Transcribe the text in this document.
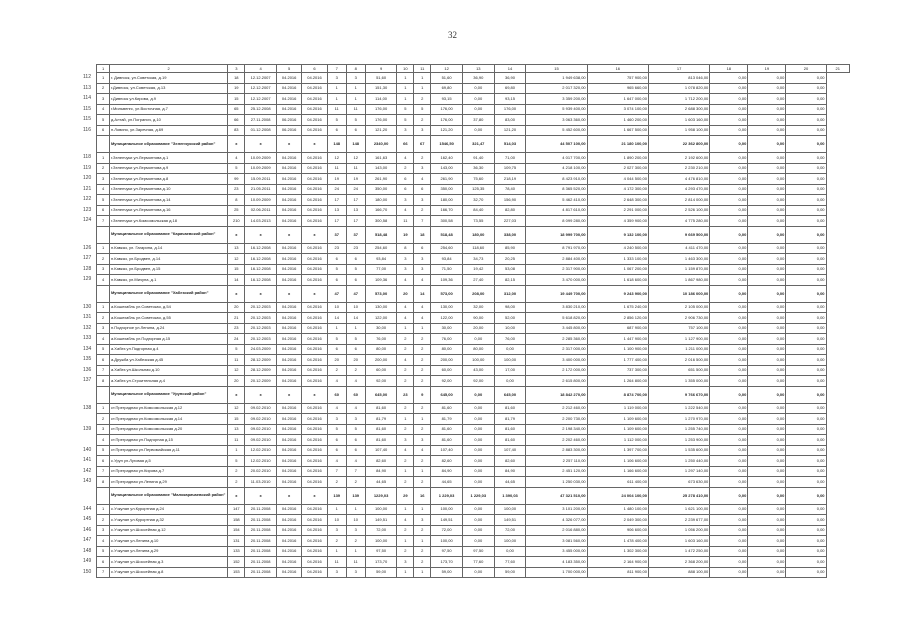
32
	1	2	3	4	5	6	7	8	9	10	11	12	13	14	15	16	17	18	19	20	21
112	1	г. Дивноск, ул.Советская, д.19	18	12.12.2007	04.2016	04.2016	3	3	51,60	1	1	51,60	36,90	36,90	1 949 638,00	757 900,00	813 046,00	0,00	0,00	0,00	
113	2	г.Дивноск, ул.Советская, д.13	19	12.12.2007	04.2016	04.2016	1	1	151,30	1	1	69,80	0,00	69,80	2 017 320,00	965 660,00	1 078 820,00	0,00	0,00	0,00	
114	3	г.Дивноск ул.Кирова, д.9	15	12.12.2007	04.2016	04.2016	1	1	114,00	1	2	93,15	0,00	93,15	3 359 200,00	1 647 000,00	1 712 200,00	0,00	0,00	0,00	
115	4	г.Мильвенгс, ул.Восточная, д.7	65	25.12.2008	04.2016	04.2016	11	11	176,00	5	5	176,00	0,00	176,00	5 939 400,00	3 074 100,00	2 688 300,00	0,00	0,00	0,00	
115	5	д.Алтай, ул.Погранич, д.10	66	27.11.2008	06.2016	04.2016	5	5	176,00	5	2	176,00	37,80	83,00	3 063 360,00	1 460 200,00	1 603 160,00	0,00	0,00	0,00	
116	6	п.Ловино, ул.Заречная, д.69	83	01.12.2008	06.2016	04.2016	6	6	121,20	3	3	121,20	0,00	121,20	5 452 600,00	1 667 500,00	1 958 100,00	0,00	0,00	0,00	
		Муниципальное образование "Зеленчукский район"	x	x	x	x	148	148	2340,00	66	67	1546,50	321,47	514,03	44 507 100,00	21 180 100,00	22 362 800,00	0,00	0,00	0,00	
118	1	г.Зеленчуки ул.Лермонтова д.1	4	10.09.2009	04.2016	04.2016	12	12	161,63	4	2	162,40	91,40	71,00	4 017 700,00	1 890 200,00	2 192 600,00	0,00	0,00	0,00	
119	2	г.Зеленчуки ул.Лермонтова д.9	5	10.09.2009	04.2016	04.2016	11	11	143,00	2	3	143,00	36,30	109,75	4 218 100,00	2 027 300,00	2 230 210,00	0,00	0,00	0,00	
120	3	г.Зеленчуки ул.Лермонтова д.8	99	15.09.2011	04.2016	04.2016	19	19	261,90	6	4	261,90	75,60	218,19	8 423 910,00	4 044 500,00	4 476 810,00	0,00	0,00	0,00	
121	4	г.Зеленчуки ул.Лермонтова д.10	23	21.05.2011	04.2016	04.2016	24	24	350,00	6	6	350,00	125,35	78,40	8 365 520,00	4 172 300,00	4 293 470,00	0,00	0,00	0,00	
122	5	г.Зеленчуки ул.Лермонтова д.14	8	10.09.2009	04.2016	04.2016	17	17	180,00	3	3	180,00	32,70	156,90	5 462 410,00	2 648 300,00	2 814 000,00	0,00	0,00	0,00	
123	6	г.Зеленчуки ул.Лермонтова д.16	25	02.06.2011	04.2016	04.2016	13	13	166,70	4	2	166,70	84,40	82,80	4 817 610,00	2 291 000,00	2 526 100,00	0,00	0,00	0,00	
124	7	г.Зеленчуки ул.Комсомольская д.18	210	14.03.2013	04.2016	04.2016	17	17	300,58	11	7	300,58	73,55	227,03	8 099 280,00	4 359 900,00	4 775 280,00	0,00	0,00	0,00	
		Муниципальное образование "Карачаевский район"	x	x	x	x	37	37	518,48	19	18	518,48	180,00	338,00	18 999 700,00	9 132 100,00	9 669 500,00	0,00	0,00	0,00	
126	1	п.Кавказ, ул. Гагарина, д.14	13	16.12.2008	04.2016	04.2016	23	23	254,60	8	6	254,60	118,60	85,90	8 791 970,00	4 240 500,00	4 411 470,00	0,00	0,00	0,00	
127	2	п.Кавказ, ул.Бродвен, д.14	12	16.12.2008	04.2016	04.2016	6	6	93,84	3	3	93,84	34,73	20,25	2 884 400,00	1 333 100,00	1 463 300,00	0,00	0,00	0,00	
128	3	п.Кавказ, ул.Бродвен, д.15	15	16.12.2008	04.2016	04.2016	5	5	77,00	3	3	71,50	19,42	53,08	2 317 900,00	1 067 200,00	1 159 870,00	0,00	0,00	0,00	
129	4	п.Кавказ, ул.Мичуна, д.1	14	16.12.2008	04.2016	04.2016	6	6	109,36	4	4	109,36	27,40	82,15	3 470 000,00	1 618 600,00	1 867 980,00	0,00	0,00	0,00	
		Муниципальное образование "Хабезский район"	x	x	x	x	47	47	573,00	20	14	573,00	208,00	312,00	19 449 700,00	9 243 900,00	10 186 000,00	0,00	0,00	0,00	
130	1	а.Кошехабль ул.Советская, д.54	20	20.12.2003	04.2016	04.2016	10	10	130,00	4	4	130,00	32,00	98,00	3 830 210,00	1 675 240,00	2 105 000,00	0,00	0,00	0,00	
131	2	а.Кошехабль ул.Советская, д.55	21	20.12.2003	04.2016	04.2016	14	14	122,00	4	4	122,00	90,00	52,00	5 618 820,00	2 856 120,00	2 906 730,00	0,00	0,00	0,00	
132	3	п.Подгорное ул.Ленина, д.24	23	20.12.2003	04.2016	04.2016	1	1	30,00	1	1	30,00	20,00	10,00	3 445 800,00	687 900,00	757 100,00	0,00	0,00	0,00	
133	4	а.Кошехабль ул.Подгорная д.15	24	20.12.2003	04.2016	04.2016	5	5	76,00	2	2	76,00	0,00	76,00	2 285 360,00	1 447 900,00	1 127 900,00	0,00	0,00	0,00	
134	5	а.Хабез ул.Подгорная д.4	5	24.03.2009	04.2016	04.2016	6	6	80,00	2	2	80,00	80,00	0,00	2 317 000,00	1 100 900,00	1 211 000,00	0,00	0,00	0,00	
135	6	а.Дружба ул.Хабезская д.45	11	28.12.2009	04.2016	04.2016	20	20	200,00	4	2	200,00	100,00	100,00	3 400 000,00	1 777 400,00	2 016 500,00	0,00	0,00	0,00	
136	7	а.Хабез ул.Школьная д.10	12	28.12.2009	04.2016	04.2016	2	2	60,00	2	2	60,00	43,00	17,00	2 172 000,00	737 300,00	651 500,00	0,00	0,00	0,00	
137	8	а.Хабез ул.Строительная д.4	20	20.12.2009	04.2016	04.2016	4	4	92,00	2	2	92,00	92,00	0,00	2 615 800,00	1 264 800,00	1 355 000,00	0,00	0,00	0,00	
		Муниципальное образование "Урупский район"	x	x	x	x	60	60	645,00	23	9	645,00	0,00	645,00	18 842 270,00	8 874 700,00	9 766 670,00	0,00	0,00	0,00	
138	1	ст.Преградная ул.Комсомольская д.12	12	09.02.2010	04.2016	04.2016	4	4	81,60	2	2	81,60	0,00	81,60	2 212 460,00	1 119 000,00	1 222 540,00	0,00	0,00	0,00	
	2	ст.Преградная ул.Комсомольская д.14	15	09.02.2010	04.2016	04.2016	3	3	81,79	1	1	81,79	0,00	81,79	2 200 730,00	1 109 600,00	1 270 970,00	0,00	0,00	0,00	
139	3	ст.Преградная ул.Комсомольская д.20	13	09.02.2010	04.2016	04.2016	5	5	81,60	2	2	81,60	0,00	81,60	2 198 340,00	1 109 600,00	1 255 740,00	0,00	0,00	0,00	
	4	ст.Преградная ул.Подгорная д.15	11	09.02.2010	04.2016	04.2016	6	6	81,60	3	3	81,60	0,00	81,60	2 202 460,00	1 112 000,00	1 253 900,00	0,00	0,00	0,00	
140	5	ст.Преградная ул.Первомайская д.11	1	12.02.2010	04.2016	04.2016	6	6	107,40	4	4	107,40	0,00	107,40	2 883 300,00	1 397 700,00	1 535 600,00	0,00	0,00	0,00	
141	6	с.Уруп ул.Луговая д.5	5	12.02.2010	04.2016	04.2016	4	4	82,60	2	2	82,60	0,00	82,60	2 257 110,00	1 106 600,00	1 250 440,00	0,00	0,00	0,00	
142	7	ст.Преградная ул.Кирова д.7	2	20.02.2010	04.2016	04.2016	7	7	84,90	1	1	84,90	0,00	84,90	2 451 120,00	1 166 600,00	1 297 140,00	0,00	0,00	0,00	
143	8	ст.Преградная ул.Ленина д.29	2	11.03.2010	04.2016	04.2016	2	2	44,65	2	2	44,65	0,00	44,65	1 250 030,00	611 400,00	673 630,00	0,00	0,00	0,00	
		Муниципальное образование "Малокарачаевский район"	x	x	x	x	139	139	1229,03	29	16	1 229,03	1 229,03	1 390,03	47 321 510,00	24 004 100,00	25 278 410,00	0,00	0,00	0,00	
144	1	с.Учкулан ул.Курортная д.24	147	20.11.2008	04.2016	04.2016	1	1	100,00	1	1	100,00	0,00	100,00	3 101 200,00	1 480 100,00	1 621 100,00	0,00	0,00	0,00	
145	2	с.Учкулан ул.Курортная д.32	158	20.11.2008	04.2016	04.2016	10	10	149,51	4	3	149,51	0,00	149,51	4 326 077,00	2 049 300,00	2 239 677,00	0,00	0,00	0,00	
146	3	с.Учкулан ул.Шоссейная д.12	154	20.11.2008	04.2016	04.2016	3	3	72,00	2	2	72,00	0,00	72,00	2 016 880,00	906 600,00	1 056 200,00	0,00	0,00	0,00	
147	4	с.Учкулан ул.Ленина д.10	131	20.11.2008	04.2016	04.2016	2	2	100,00	1	1	100,00	0,00	100,00	3 081 560,00	1 478 400,00	1 603 160,00	0,00	0,00	0,00	
148	5	с.Учкулан ул.Ленина д.29	133	20.11.2008	04.2016	04.2016	1	1	97,50	2	2	97,50	97,50	0,00	3 455 000,00	1 302 300,00	1 472 250,00	0,00	0,00	0,00	
149	6	с.Учкулан ул.Шоссейная д.3	152	20.11.2008	04.2016	04.2016	11	11	173,70	3	2	173,70	77,60	77,60	4 183 350,00	2 164 900,00	2 368 200,00	0,00	0,00	0,00	
150	7	с.Учкулан ул.Шоссейная д.8	153	20.11.2008	04.2016	04.2016	3	3	59,00	1	1	59,00	0,00	59,00	1 700 000,00	811 900,00	888 100,00	0,00	0,00	0,00	
